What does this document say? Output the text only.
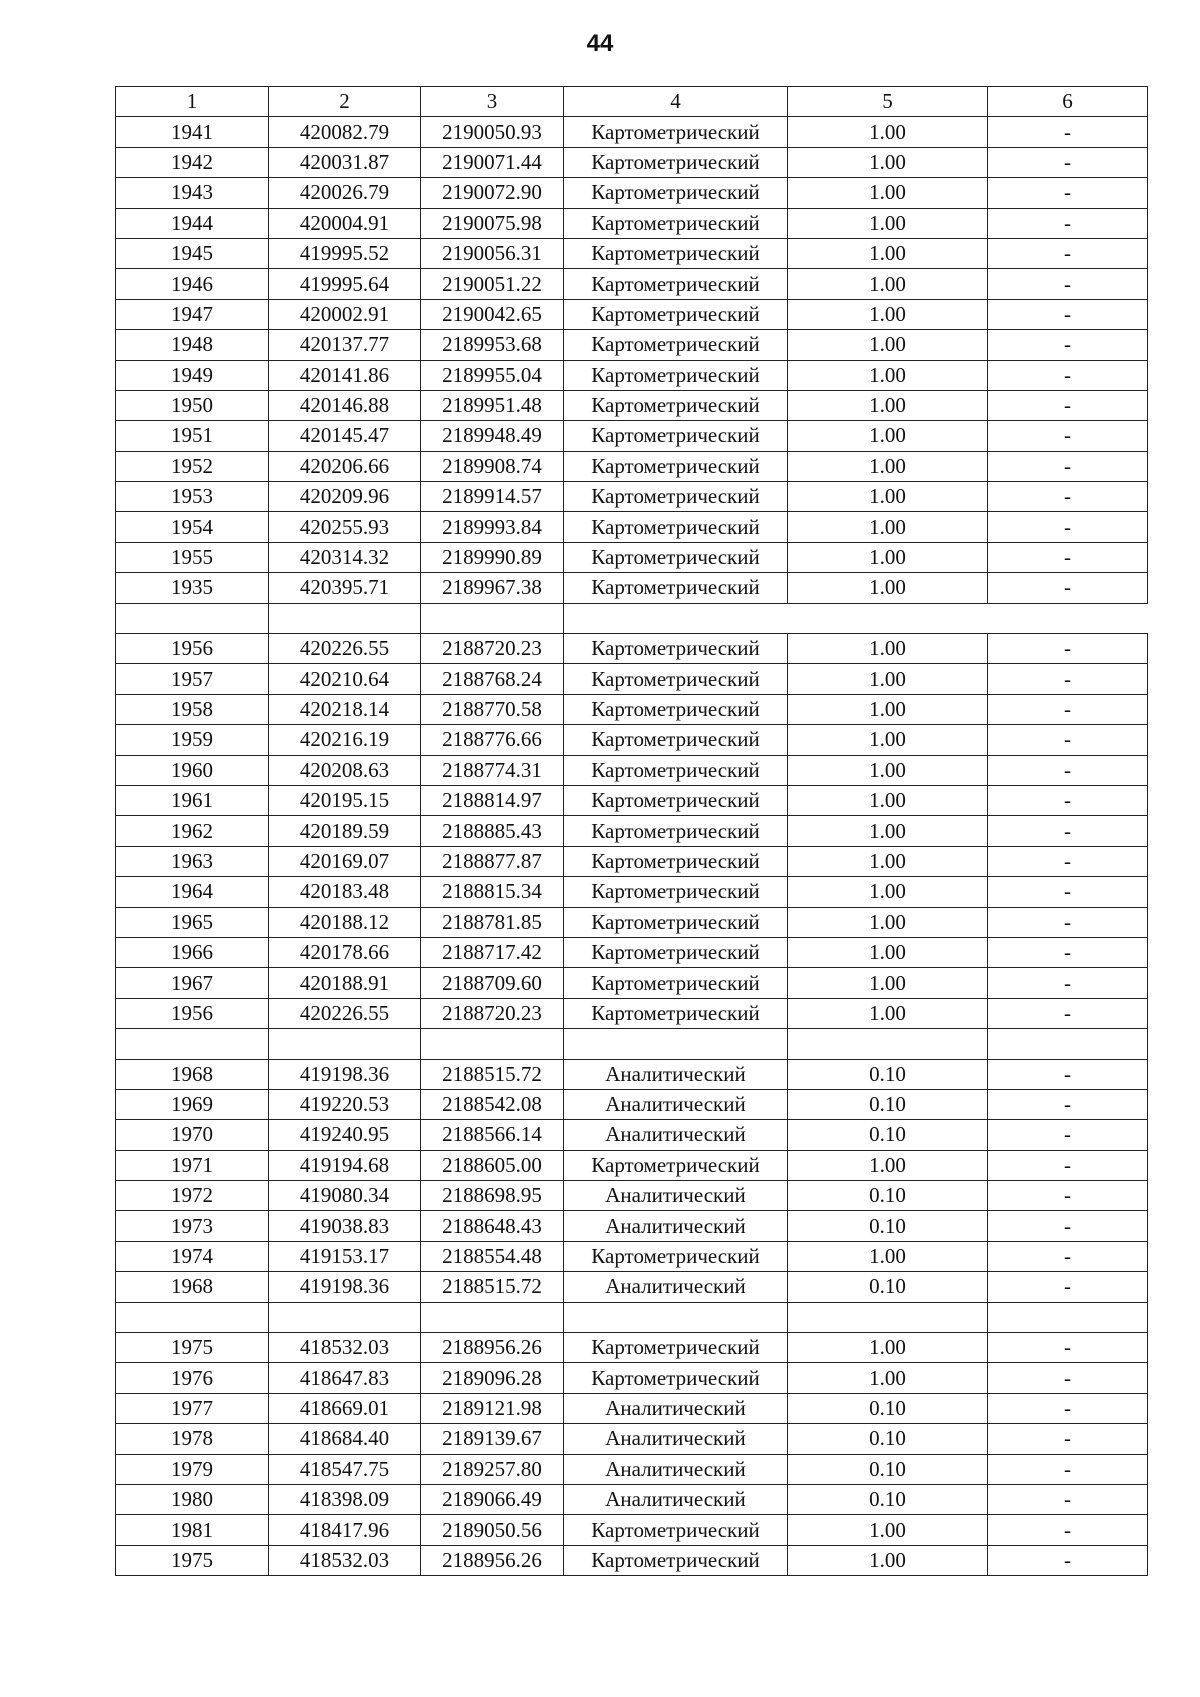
44
1	2	3	4	5	6
1941	420082.79	2190050.93	Картометрический	1.00	-
1942	420031.87	2190071.44	Картометрический	1.00	-
1943	420026.79	2190072.90	Картометрический	1.00	-
1944	420004.91	2190075.98	Картометрический	1.00	-
1945	419995.52	2190056.31	Картометрический	1.00	-
1946	419995.64	2190051.22	Картометрический	1.00	-
1947	420002.91	2190042.65	Картометрический	1.00	-
1948	420137.77	2189953.68	Картометрический	1.00	-
1949	420141.86	2189955.04	Картометрический	1.00	-
1950	420146.88	2189951.48	Картометрический	1.00	-
1951	420145.47	2189948.49	Картометрический	1.00	-
1952	420206.66	2189908.74	Картометрический	1.00	-
1953	420209.96	2189914.57	Картометрический	1.00	-
1954	420255.93	2189993.84	Картометрический	1.00	-
1955	420314.32	2189990.89	Картометрический	1.00	-
1935	420395.71	2189967.38	Картометрический	1.00	-

1956	420226.55	2188720.23	Картометрический	1.00	-
1957	420210.64	2188768.24	Картометрический	1.00	-
1958	420218.14	2188770.58	Картометрический	1.00	-
1959	420216.19	2188776.66	Картометрический	1.00	-
1960	420208.63	2188774.31	Картометрический	1.00	-
1961	420195.15	2188814.97	Картометрический	1.00	-
1962	420189.59	2188885.43	Картометрический	1.00	-
1963	420169.07	2188877.87	Картометрический	1.00	-
1964	420183.48	2188815.34	Картометрический	1.00	-
1965	420188.12	2188781.85	Картометрический	1.00	-
1966	420178.66	2188717.42	Картометрический	1.00	-
1967	420188.91	2188709.60	Картометрический	1.00	-
1956	420226.55	2188720.23	Картометрический	1.00	-

1968	419198.36	2188515.72	Аналитический	0.10	-
1969	419220.53	2188542.08	Аналитический	0.10	-
1970	419240.95	2188566.14	Аналитический	0.10	-
1971	419194.68	2188605.00	Картометрический	1.00	-
1972	419080.34	2188698.95	Аналитический	0.10	-
1973	419038.83	2188648.43	Аналитический	0.10	-
1974	419153.17	2188554.48	Картометрический	1.00	-
1968	419198.36	2188515.72	Аналитический	0.10	-

1975	418532.03	2188956.26	Картометрический	1.00	-
1976	418647.83	2189096.28	Картометрический	1.00	-
1977	418669.01	2189121.98	Аналитический	0.10	-
1978	418684.40	2189139.67	Аналитический	0.10	-
1979	418547.75	2189257.80	Аналитический	0.10	-
1980	418398.09	2189066.49	Аналитический	0.10	-
1981	418417.96	2189050.56	Картометрический	1.00	-
1975	418532.03	2188956.26	Картометрический	1.00	-
